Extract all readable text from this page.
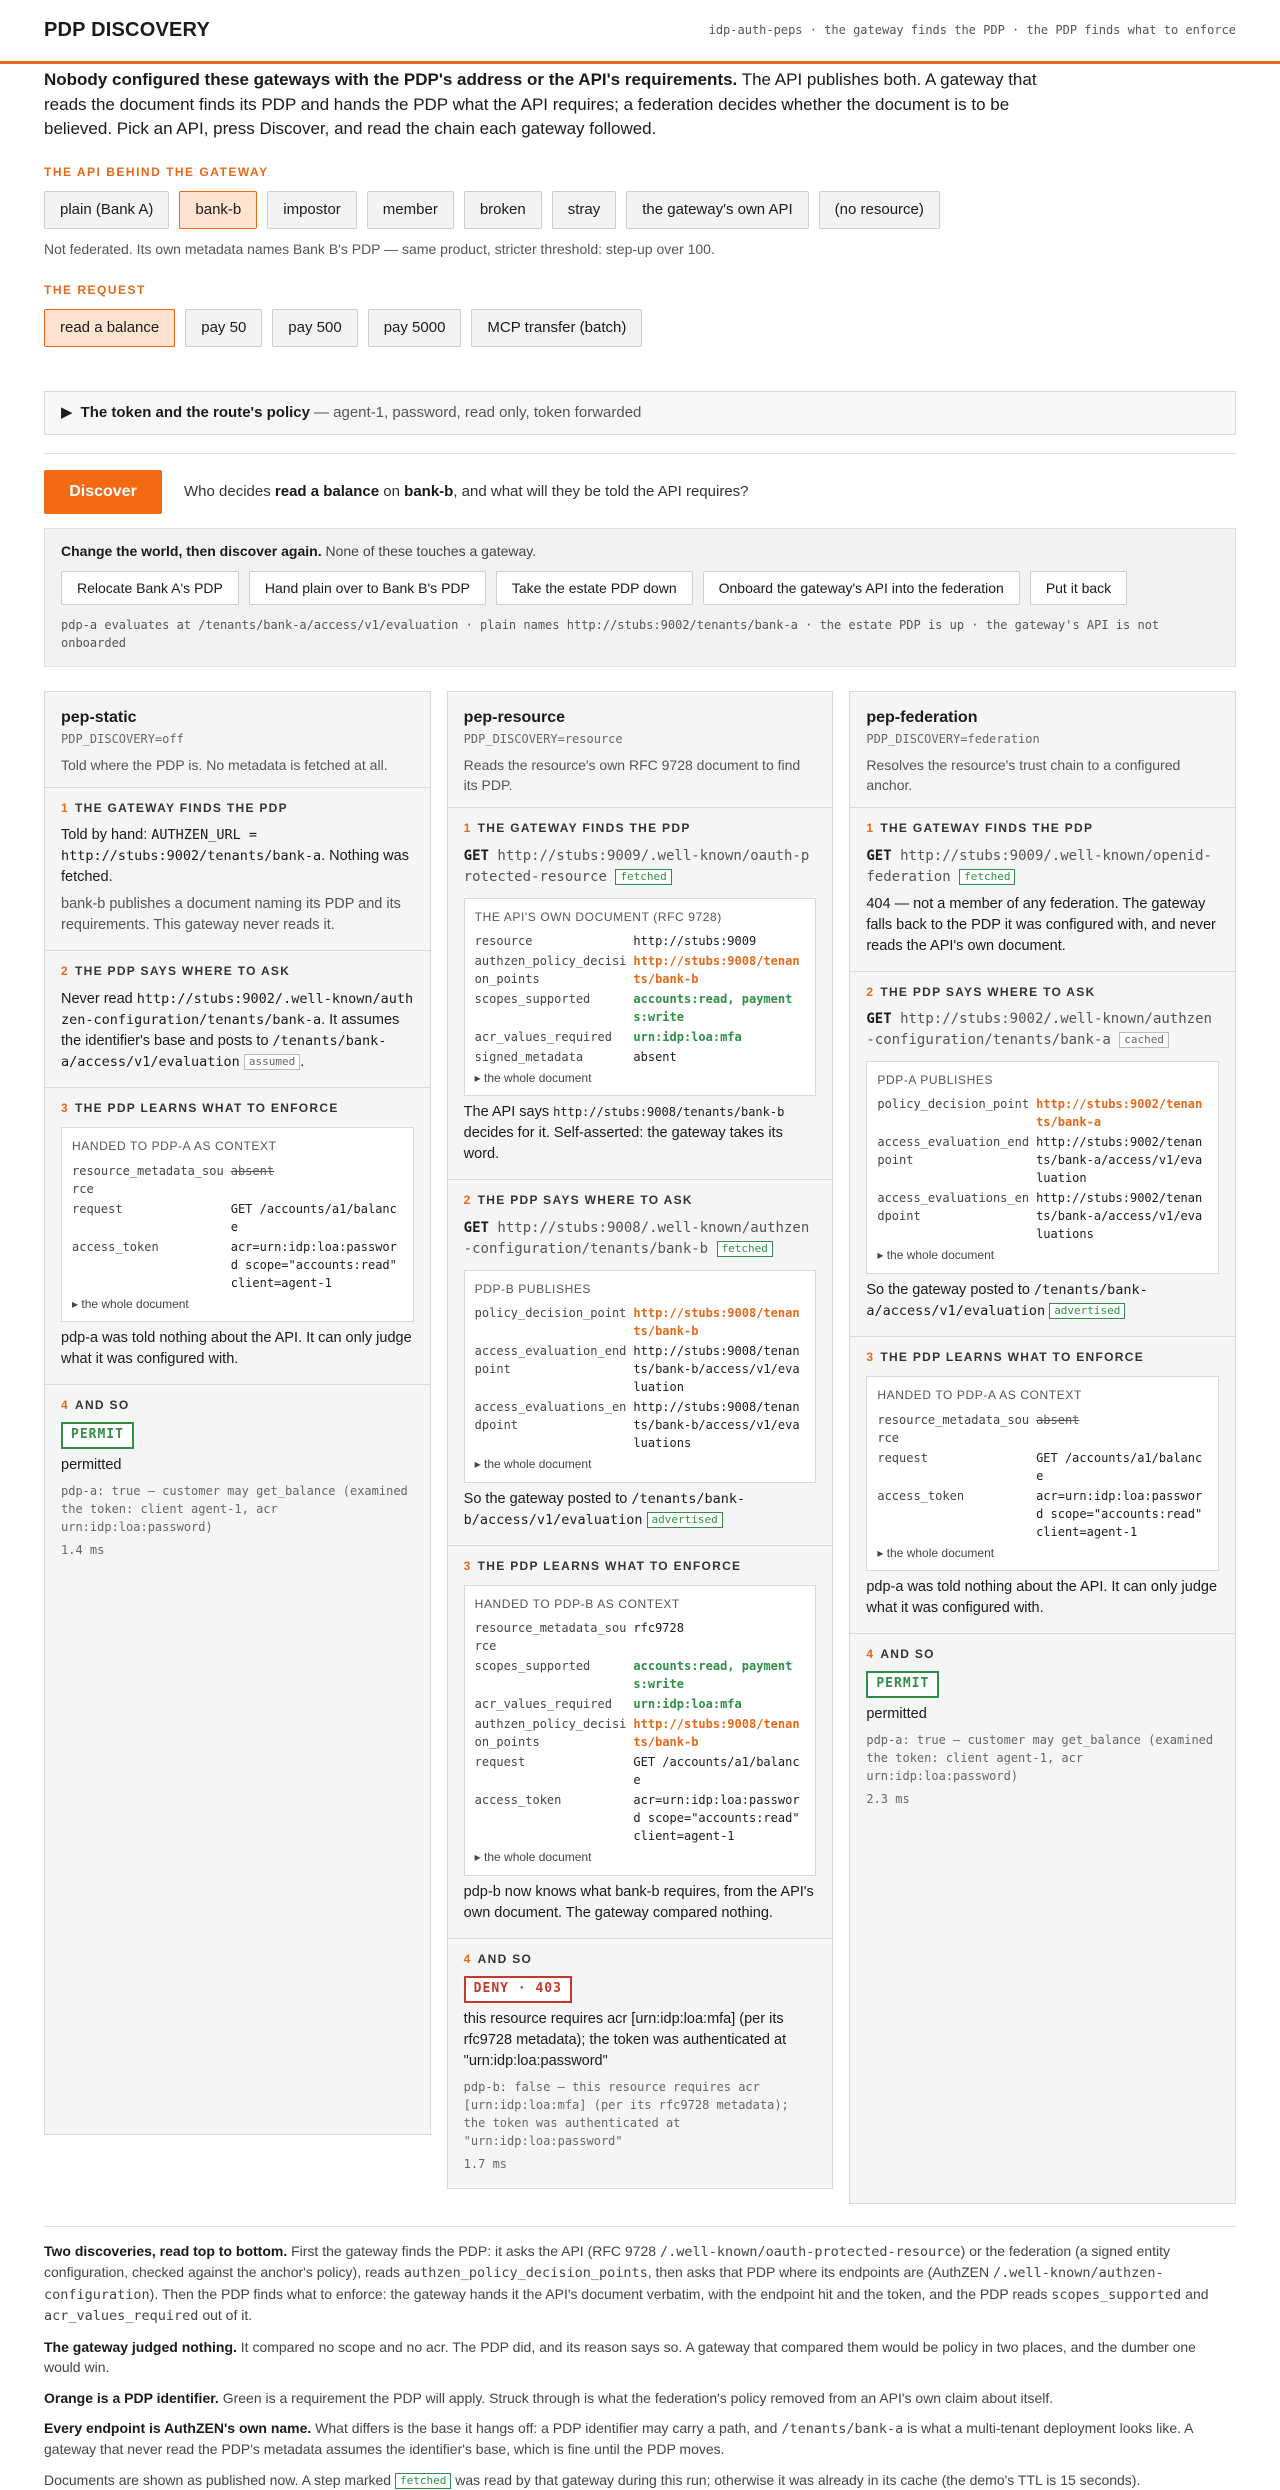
PDP DISCOVERY	idp-auth-peps · the gateway finds the PDP · the PDP finds what to enforce

Nobody configured these gateways with the PDP's address or the API's requirements. The API publishes both. A gateway that reads the document finds its PDP and hands the PDP what the API requires; a federation decides whether the document is to be believed. Pick an API, press Discover, and read the chain each gateway followed.

THE API BEHIND THE GATEWAY
plain (Bank A)	bank-b	impostor	member	broken	stray	the gateway's own API	(no resource)
Not federated. Its own metadata names Bank B's PDP — same product, stricter threshold: step-up over 100.
THE REQUEST
read a balance	pay 50	pay 500	pay 5000	MCP transfer (batch)
▶ The token and the route's policy — agent-1, password, read only, token forwarded
Discover	Who decides read a balance on bank-b, and what will they be told the API requires?
Change the world, then discover again. None of these touches a gateway.
Relocate Bank A's PDP	Hand plain over to Bank B's PDP	Take the estate PDP down	Onboard the gateway's API into the federation	Put it back
pdp-a evaluates at /tenants/bank-a/access/v1/evaluation · plain names http://stubs:9002/tenants/bank-a · the estate PDP is up · the gateway's API is not onboarded
pep-static
PDP_DISCOVERY=off
Told where the PDP is. No metadata is fetched at all.
1 THE GATEWAY FINDS THE PDP

Told by hand: AUTHZEN_URL = http://stubs:9002/tenants/bank-a. Nothing was fetched.

bank-b publishes a document naming its PDP and its requirements. This gateway never reads it.

2 THE PDP SAYS WHERE TO ASK

Never read http://stubs:9002/.well-known/authzen-configuration/tenants/bank-a. It assumes the identifier's base and posts to /tenants/bank-a/access/v1/evaluation assumed .

3 THE PDP LEARNS WHAT TO ENFORCE
HANDED TO PDP-A AS CONTEXT
resource_metadata_source
absent
request	GET /accounts/a1/balance
access_token	acr=urn:idp:loa:password scope="accounts:read" client=agent-1
▸ the whole document

pdp-a was told nothing about the API. It can only judge what it was configured with.

4 AND SO
PERMIT

permitted

pdp-a: true — customer may get_balance (examined the token: client agent-1, acr urn:idp:loa:password)
1.4 ms
pep-resource
PDP_DISCOVERY=resource
Reads the resource's own RFC 9728 document to find its PDP.
1 THE GATEWAY FINDS THE PDP
GET http://stubs:9009/.well-known/oauth-protected-resource fetched
THE API'S OWN DOCUMENT (RFC 9728)
resource	http://stubs:9009
authzen_policy_decision_points
http://stubs:9008/tenants/bank-b
scopes_supported	accounts:read, payments:write
acr_values_required	urn:idp:loa:mfa
signed_metadata	absent
▸ the whole document

The API says http://stubs:9008/tenants/bank-b decides for it. Self-asserted: the gateway takes its word.

2 THE PDP SAYS WHERE TO ASK
GET http://stubs:9008/.well-known/authzen-configuration/tenants/bank-b fetched
PDP-B PUBLISHES
policy_decision_point http://stubs:9008/tenants/bank-b
access_evaluation_endpoint
http://stubs:9008/tenants/bank-b/access/v1/evaluation
access_evaluations_endpoint
http://stubs:9008/tenants/bank-b/access/v1/evaluations
▸ the whole document

So the gateway posted to /tenants/bank-b/access/v1/evaluation advertised

3 THE PDP LEARNS WHAT TO ENFORCE
HANDED TO PDP-B AS CONTEXT
resource_metadata_source
rfc9728
scopes_supported	accounts:read, payments:write
acr_values_required	urn:idp:loa:mfa
authzen_policy_decision_points
http://stubs:9008/tenants/bank-b
request	GET /accounts/a1/balance
access_token	acr=urn:idp:loa:password scope="accounts:read" client=agent-1
▸ the whole document

pdp-b now knows what bank-b requires, from the API's own document. The gateway compared nothing.

4 AND SO
DENY · 403

this resource requires acr [urn:idp:loa:mfa] (per its rfc9728 metadata); the token was authenticated at "urn:idp:loa:password"

pdp-b: false — this resource requires acr [urn:idp:loa:mfa] (per its rfc9728 metadata); the token was authenticated at "urn:idp:loa:password"
1.7 ms
pep-federation
PDP_DISCOVERY=federation
Resolves the resource's trust chain to a configured anchor.
1 THE GATEWAY FINDS THE PDP
GET http://stubs:9009/.well-known/openid-federation fetched

404 — not a member of any federation. The gateway falls back to the PDP it was configured with, and never reads the API's own document.

2 THE PDP SAYS WHERE TO ASK
GET http://stubs:9002/.well-known/authzen-configuration/tenants/bank-a cached
PDP-A PUBLISHES
policy_decision_point http://stubs:9002/tenants/bank-a
access_evaluation_endpoint
http://stubs:9002/tenants/bank-a/access/v1/evaluation
access_evaluations_endpoint
http://stubs:9002/tenants/bank-a/access/v1/evaluations
▸ the whole document

So the gateway posted to /tenants/bank-a/access/v1/evaluation advertised

3 THE PDP LEARNS WHAT TO ENFORCE
HANDED TO PDP-A AS CONTEXT
resource_metadata_source
absent
request	GET /accounts/a1/balance
access_token	acr=urn:idp:loa:password scope="accounts:read" client=agent-1
▸ the whole document

pdp-a was told nothing about the API. It can only judge what it was configured with.

4 AND SO
PERMIT

permitted

pdp-a: true — customer may get_balance (examined the token: client agent-1, acr urn:idp:loa:password)
2.3 ms

Two discoveries, read top to bottom. First the gateway finds the PDP: it asks the API (RFC 9728 /.well-known/oauth-protected-resource) or the federation (a signed entity configuration, checked against the anchor's policy), reads authzen_policy_decision_points, then asks that PDP where its endpoints are (AuthZEN /.well-known/authzen-configuration). Then the PDP finds what to enforce: the gateway hands it the API's document verbatim, with the endpoint hit and the token, and the PDP reads scopes_supported and acr_values_required out of it.

The gateway judged nothing. It compared no scope and no acr. The PDP did, and its reason says so. A gateway that compared them would be policy in two places, and the dumber one would win.

Orange is a PDP identifier. Green is a requirement the PDP will apply. Struck through is what the federation's policy removed from an API's own claim about itself.

Every endpoint is AuthZEN's own name. What differs is the base it hangs off: a PDP identifier may carry a path, and /tenants/bank-a is what a multi-tenant deployment looks like. A gateway that never read the PDP's metadata assumes the identifier's base, which is fine until the PDP moves.

Documents are shown as published now. A step marked fetched was read by that gateway during this run; otherwise it was already in its cache (the demo's TTL is 15 seconds).
